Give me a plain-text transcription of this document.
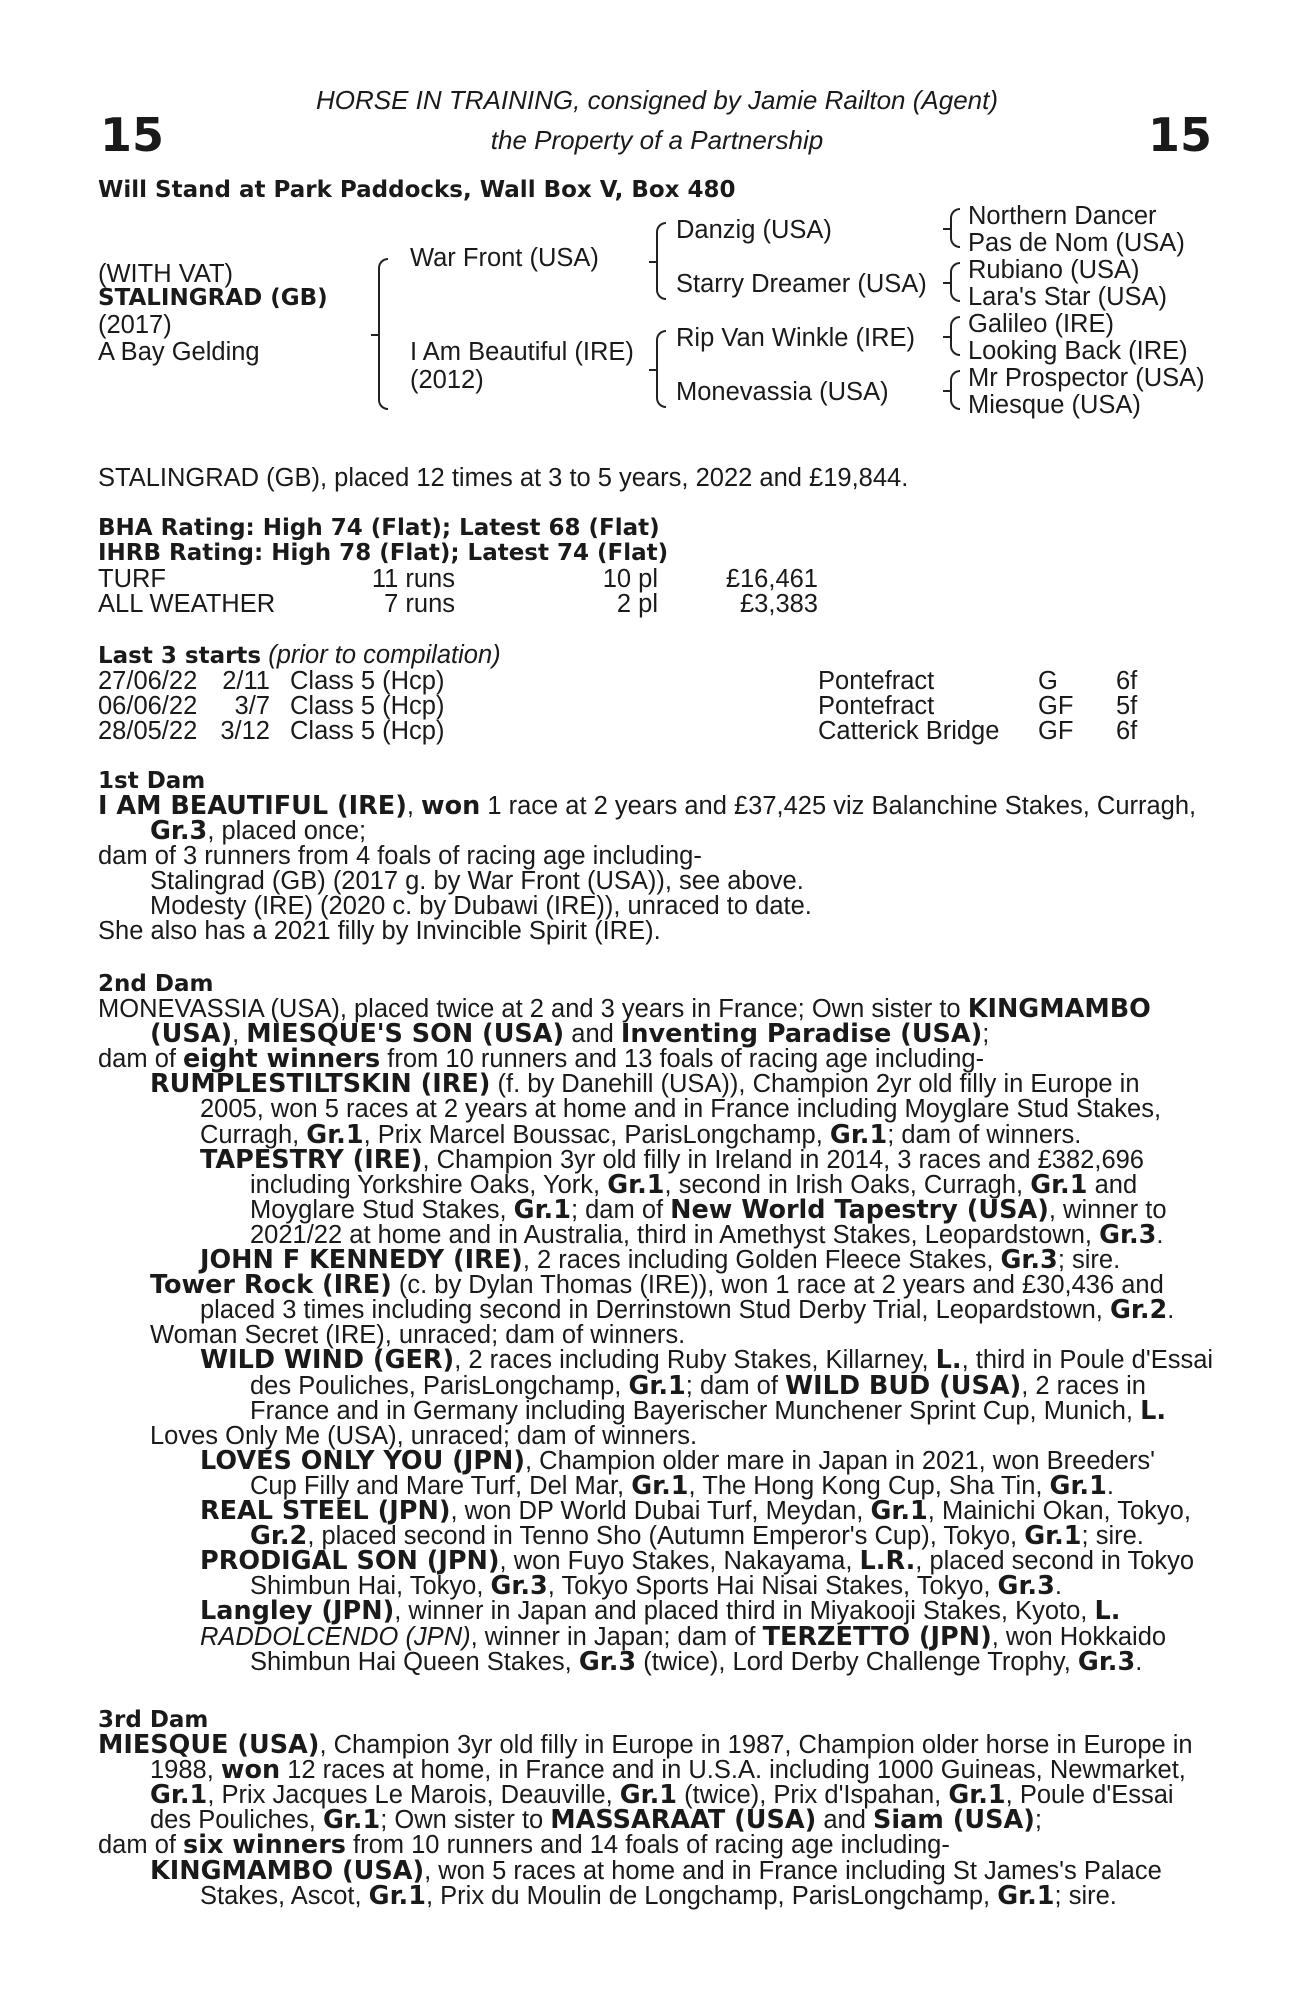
15	15
HORSE IN TRAINING, consigned by Jamie Railton (Agent)
the Property of a Partnership
Will Stand at Park Paddocks, Wall Box V, Box 480
(WITH VAT)
STALINGRAD (GB)
(2017)
A Bay Gelding
War Front (USA)
I Am Beautiful (IRE)
(2012)
Danzig (USA)
Starry Dreamer (USA)
Rip Van Winkle (IRE)
Monevassia (USA)
Northern Dancer
Pas de Nom (USA)
Rubiano (USA)
Lara's Star (USA)
Galileo (IRE)
Looking Back (IRE)
Mr Prospector (USA)
Miesque (USA)
STALINGRAD (GB), placed 12 times at 3 to 5 years, 2022 and £19,844.
BHA Rating: High 74 (Flat); Latest 68 (Flat)
IHRB Rating: High 78 (Flat); Latest 74 (Flat)
TURF	11 runs	10 pl	£16,461
ALL WEATHER	7 runs	2 pl	£3,383
Last 3 starts (prior to compilation)
27/06/22 2/11 Class 5 (Hcp)	Pontefract	G 6f
06/06/22	3/7 Class 5 (Hcp)	Pontefract	GF 5f
28/05/22 3/12 Class 5 (Hcp)	Catterick Bridge GF 6f
1st Dam
I AM BEAUTIFUL (IRE), won 1 race at 2 years and £37,425 viz Balanchine Stakes, Curragh,
Gr.3, placed once;
dam of 3 runners from 4 foals of racing age including-
Stalingrad (GB) (2017 g. by War Front (USA)), see above.
Modesty (IRE) (2020 c. by Dubawi (IRE)), unraced to date.
She also has a 2021 filly by Invincible Spirit (IRE).
2nd Dam
MONEVASSIA (USA), placed twice at 2 and 3 years in France; Own sister to KINGMAMBO
(USA), MIESQUE'S SON (USA) and Inventing Paradise (USA);
dam of eight winners from 10 runners and 13 foals of racing age including-
RUMPLESTILTSKIN (IRE) (f. by Danehill (USA)), Champion 2yr old filly in Europe in
2005, won 5 races at 2 years at home and in France including Moyglare Stud Stakes,
Curragh, Gr.1, Prix Marcel Boussac, ParisLongchamp, Gr.1; dam of winners.
TAPESTRY (IRE), Champion 3yr old filly in Ireland in 2014, 3 races and £382,696
including Yorkshire Oaks, York, Gr.1, second in Irish Oaks, Curragh, Gr.1 and
Moyglare Stud Stakes, Gr.1; dam of New World Tapestry (USA), winner to
2021/22 at home and in Australia, third in Amethyst Stakes, Leopardstown, Gr.3.
JOHN F KENNEDY (IRE), 2 races including Golden Fleece Stakes, Gr.3; sire.
Tower Rock (IRE) (c. by Dylan Thomas (IRE)), won 1 race at 2 years and £30,436 and
placed 3 times including second in Derrinstown Stud Derby Trial, Leopardstown, Gr.2.
Woman Secret (IRE), unraced; dam of winners.
WILD WIND (GER), 2 races including Ruby Stakes, Killarney, L., third in Poule d'Essai
des Pouliches, ParisLongchamp, Gr.1; dam of WILD BUD (USA), 2 races in
France and in Germany including Bayerischer Munchener Sprint Cup, Munich, L.
Loves Only Me (USA), unraced; dam of winners.
LOVES ONLY YOU (JPN), Champion older mare in Japan in 2021, won Breeders'
Cup Filly and Mare Turf, Del Mar, Gr.1, The Hong Kong Cup, Sha Tin, Gr.1.
REAL STEEL (JPN), won DP World Dubai Turf, Meydan, Gr.1, Mainichi Okan, Tokyo,
Gr.2, placed second in Tenno Sho (Autumn Emperor's Cup), Tokyo, Gr.1; sire.
PRODIGAL SON (JPN), won Fuyo Stakes, Nakayama, L.R., placed second in Tokyo
Shimbun Hai, Tokyo, Gr.3, Tokyo Sports Hai Nisai Stakes, Tokyo, Gr.3.
Langley (JPN), winner in Japan and placed third in Miyakooji Stakes, Kyoto, L.
RADDOLCENDO (JPN), winner in Japan; dam of TERZETTO (JPN), won Hokkaido
Shimbun Hai Queen Stakes, Gr.3 (twice), Lord Derby Challenge Trophy, Gr.3.
3rd Dam
MIESQUE (USA), Champion 3yr old filly in Europe in 1987, Champion older horse in Europe in
1988, won 12 races at home, in France and in U.S.A. including 1000 Guineas, Newmarket,
Gr.1, Prix Jacques Le Marois, Deauville, Gr.1 (twice), Prix d'Ispahan, Gr.1, Poule d'Essai
des Pouliches, Gr.1; Own sister to MASSARAAT (USA) and Siam (USA);
dam of six winners from 10 runners and 14 foals of racing age including-
KINGMAMBO (USA), won 5 races at home and in France including St James's Palace
Stakes, Ascot, Gr.1, Prix du Moulin de Longchamp, ParisLongchamp, Gr.1; sire.
